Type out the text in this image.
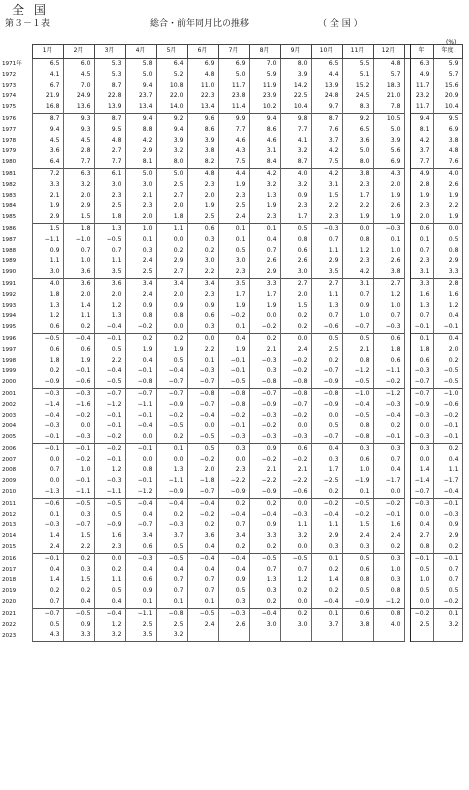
全 国
第３－１表	総合・前年同月比の推移	（ 全 国 ）
(%)
	1月	2月	3月	4月	5月	6月	7月	8月	9月	10月	11月	12月		年	年度
1971年	6.5	6.0	5.3	5.8	6.4	6.9	6.9	7.0	8.0	6.5	5.5	4.8		6.3	5.9
1972	4.1	4.5	5.3	5.0	5.2	4.8	5.0	5.9	3.9	4.4	5.1	5.7		4.9	5.7
1973	6.7	7.0	8.7	9.4	10.8	11.0	11.7	11.9	14.2	13.9	15.2	18.3		11.7	15.6
1974	21.9	24.9	22.8	23.7	22.0	22.3	23.8	23.9	22.5	24.8	24.5	21.0		23.2	20.9
1975	16.8	13.6	13.9	13.4	14.0	13.4	11.4	10.2	10.4	9.7	8.3	7.8		11.7	10.4
1976	8.7	9.3	8.7	9.4	9.2	9.6	9.9	9.4	9.8	8.7	9.2	10.5		9.4	9.5
1977	9.4	9.3	9.5	8.8	9.4	8.6	7.7	8.6	7.7	7.6	6.5	5.0		8.1	6.9
1978	4.5	4.5	4.8	4.2	3.9	3.9	4.6	4.6	4.1	3.7	3.6	3.9		4.2	3.8
1979	3.6	2.8	2.7	2.9	3.2	3.8	4.3	3.1	3.2	4.2	5.0	5.6		3.7	4.8
1980	6.4	7.7	7.7	8.1	8.0	8.2	7.5	8.4	8.7	7.5	8.0	6.9		7.7	7.6
1981	7.2	6.3	6.1	5.0	5.0	4.8	4.4	4.2	4.0	4.2	3.8	4.3		4.9	4.0
1982	3.3	3.2	3.0	3.0	2.5	2.3	1.9	3.2	3.2	3.1	2.3	2.0		2.8	2.6
1983	2.1	2.0	2.3	2.1	2.7	2.0	2.3	1.3	0.9	1.5	1.7	1.9		1.9	1.9
1984	1.9	2.9	2.5	2.3	2.0	1.9	2.5	1.9	2.3	2.2	2.2	2.6		2.3	2.2
1985	2.9	1.5	1.8	2.0	1.8	2.5	2.4	2.3	1.7	2.3	1.9	1.9		2.0	1.9
1986	1.5	1.8	1.3	1.0	1.1	0.6	0.1	0.1	0.5	−0.3	0.0	−0.3		0.6	0.0
1987	−1.1	−1.0	−0.5	0.1	0.0	0.3	0.1	0.4	0.8	0.7	0.8	0.1		0.1	0.5
1988	0.9	0.7	0.7	0.3	0.2	0.2	0.5	0.7	0.6	1.1	1.2	1.0		0.7	0.8
1989	1.1	1.0	1.1	2.4	2.9	3.0	3.0	2.6	2.6	2.9	2.3	2.6		2.3	2.9
1990	3.0	3.6	3.5	2.5	2.7	2.2	2.3	2.9	3.0	3.5	4.2	3.8		3.1	3.3
1991	4.0	3.6	3.6	3.4	3.4	3.4	3.5	3.3	2.7	2.7	3.1	2.7		3.3	2.8
1992	1.8	2.0	2.0	2.4	2.0	2.3	1.7	1.7	2.0	1.1	0.7	1.2		1.6	1.6
1993	1.3	1.4	1.2	0.9	0.9	0.9	1.9	1.9	1.5	1.3	0.9	1.0		1.3	1.2
1994	1.2	1.1	1.3	0.8	0.8	0.6	−0.2	0.0	0.2	0.7	1.0	0.7		0.7	0.4
1995	0.6	0.2	−0.4	−0.2	0.0	0.3	0.1	−0.2	0.2	−0.6	−0.7	−0.3		−0.1	−0.1
1996	−0.5	−0.4	−0.1	0.2	0.2	0.0	0.4	0.2	0.0	0.5	0.5	0.6		0.1	0.4
1997	0.6	0.6	0.5	1.9	1.9	2.2	1.9	2.1	2.4	2.5	2.1	1.8		1.8	2.0
1998	1.8	1.9	2.2	0.4	0.5	0.1	−0.1	−0.3	−0.2	0.2	0.8	0.6		0.6	0.2
1999	0.2	−0.1	−0.4	−0.1	−0.4	−0.3	−0.1	0.3	−0.2	−0.7	−1.2	−1.1		−0.3	−0.5
2000	−0.9	−0.6	−0.5	−0.8	−0.7	−0.7	−0.5	−0.8	−0.8	−0.9	−0.5	−0.2		−0.7	−0.5
2001	−0.3	−0.3	−0.7	−0.7	−0.7	−0.8	−0.8	−0.7	−0.8	−0.8	−1.0	−1.2		−0.7	−1.0
2002	−1.4	−1.6	−1.2	−1.1	−0.9	−0.7	−0.8	−0.9	−0.7	−0.9	−0.4	−0.3		−0.9	−0.6
2003	−0.4	−0.2	−0.1	−0.1	−0.2	−0.4	−0.2	−0.3	−0.2	0.0	−0.5	−0.4		−0.3	−0.2
2004	−0.3	0.0	−0.1	−0.4	−0.5	0.0	−0.1	−0.2	0.0	0.5	0.8	0.2		0.0	−0.1
2005	−0.1	−0.3	−0.2	0.0	0.2	−0.5	−0.3	−0.3	−0.3	−0.7	−0.8	−0.1		−0.3	−0.1
2006	−0.1	−0.1	−0.2	−0.1	0.1	0.5	0.3	0.9	0.6	0.4	0.3	0.3		0.3	0.2
2007	0.0	−0.2	−0.1	0.0	0.0	−0.2	0.0	−0.2	−0.2	0.3	0.6	0.7		0.0	0.4
2008	0.7	1.0	1.2	0.8	1.3	2.0	2.3	2.1	2.1	1.7	1.0	0.4		1.4	1.1
2009	0.0	−0.1	−0.3	−0.1	−1.1	−1.8	−2.2	−2.2	−2.2	−2.5	−1.9	−1.7		−1.4	−1.7
2010	−1.3	−1.1	−1.1	−1.2	−0.9	−0.7	−0.9	−0.9	−0.6	0.2	0.1	0.0		−0.7	−0.4
2011	−0.6	−0.5	−0.5	−0.4	−0.4	−0.4	0.2	0.2	0.0	−0.2	−0.5	−0.2		−0.3	−0.1
2012	0.1	0.3	0.5	0.4	0.2	−0.2	−0.4	−0.4	−0.3	−0.4	−0.2	−0.1		0.0	−0.3
2013	−0.3	−0.7	−0.9	−0.7	−0.3	0.2	0.7	0.9	1.1	1.1	1.5	1.6		0.4	0.9
2014	1.4	1.5	1.6	3.4	3.7	3.6	3.4	3.3	3.2	2.9	2.4	2.4		2.7	2.9
2015	2.4	2.2	2.3	0.6	0.5	0.4	0.2	0.2	0.0	0.3	0.3	0.2		0.8	0.2
2016	−0.1	0.2	0.0	−0.3	−0.5	−0.4	−0.4	−0.5	−0.5	0.1	0.5	0.3		−0.1	−0.1
2017	0.4	0.3	0.2	0.4	0.4	0.4	0.4	0.7	0.7	0.2	0.6	1.0		0.5	0.7
2018	1.4	1.5	1.1	0.6	0.7	0.7	0.9	1.3	1.2	1.4	0.8	0.3		1.0	0.7
2019	0.2	0.2	0.5	0.9	0.7	0.7	0.5	0.3	0.2	0.2	0.5	0.8		0.5	0.5
2020	0.7	0.4	0.4	0.1	0.1	0.1	0.3	0.2	0.0	−0.4	−0.9	−1.2		0.0	−0.2
2021	−0.7	−0.5	−0.4	−1.1	−0.8	−0.5	−0.3	−0.4	0.2	0.1	0.6	0.8		−0.2	0.1
2022	0.5	0.9	1.2	2.5	2.5	2.4	2.6	3.0	3.0	3.7	3.8	4.0		2.5	3.2
2023	4.3	3.3	3.2	3.5	3.2										
